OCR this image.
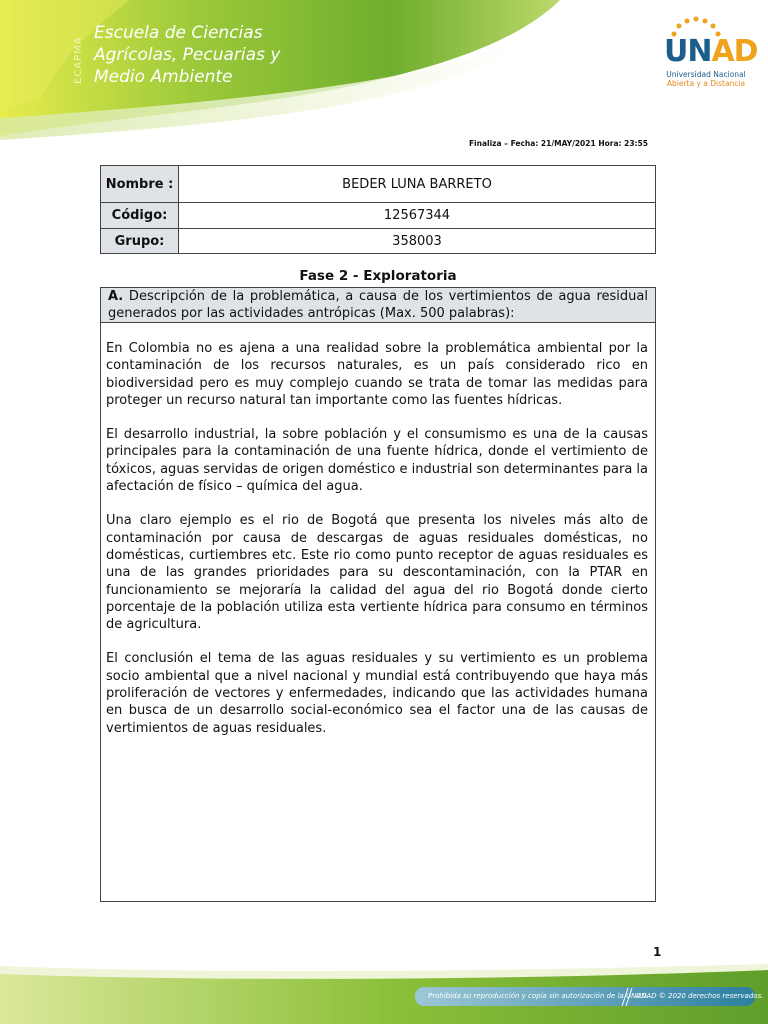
ECAPMA
Escuela de Ciencias
Agrícolas, Pecuarias y
Medio Ambiente
UNAD
Universidad Nacional
Abierta y a Distancia
Finaliza – Fecha: 21/MAY/2021 Hora: 23:55
Nombre :	BEDER LUNA BARRETO
Código:	12567344
Grupo:	358003
Fase 2 - Exploratoria
A. Descripción de la problemática, a causa de los vertimientos de agua residual generados por las actividades antrópicas (Max. 500 palabras):

En Colombia no es ajena a una realidad sobre la problemática ambiental por la contaminación de los recursos naturales, es un país considerado rico en biodiversidad pero es muy complejo cuando se trata de tomar las medidas para proteger un recurso natural tan importante como las fuentes hídricas.

El desarrollo industrial, la sobre población y el consumismo es una de la causas principales para la contaminación de una fuente hídrica, donde el vertimiento de tóxicos, aguas servidas de origen doméstico e industrial son determinantes para la afectación de físico – química del agua.

Una claro ejemplo es el rio de Bogotá que presenta los niveles más alto de contaminación por causa de descargas de aguas residuales domésticas, no domésticas, curtiembres etc. Este rio como punto receptor de aguas residuales es una de las grandes prioridades para su descontaminación, con la PTAR en funcionamiento se mejoraría la calidad del agua del rio Bogotá donde cierto porcentaje de la población utiliza esta vertiente hídrica para consumo en términos de agricultura.

El conclusión el tema de las aguas residuales y su vertimiento es un problema socio ambiental que a nivel nacional y mundial está contribuyendo que haya más proliferación de vectores y enfermedades, indicando que las actividades humana en busca de un desarrollo social-económico sea el factor una de las causas de vertimientos de aguas residuales.

1
Prohibida su reproducción y copia sin autorización de la UNAD.
UNAD © 2020 derechos reservados.
